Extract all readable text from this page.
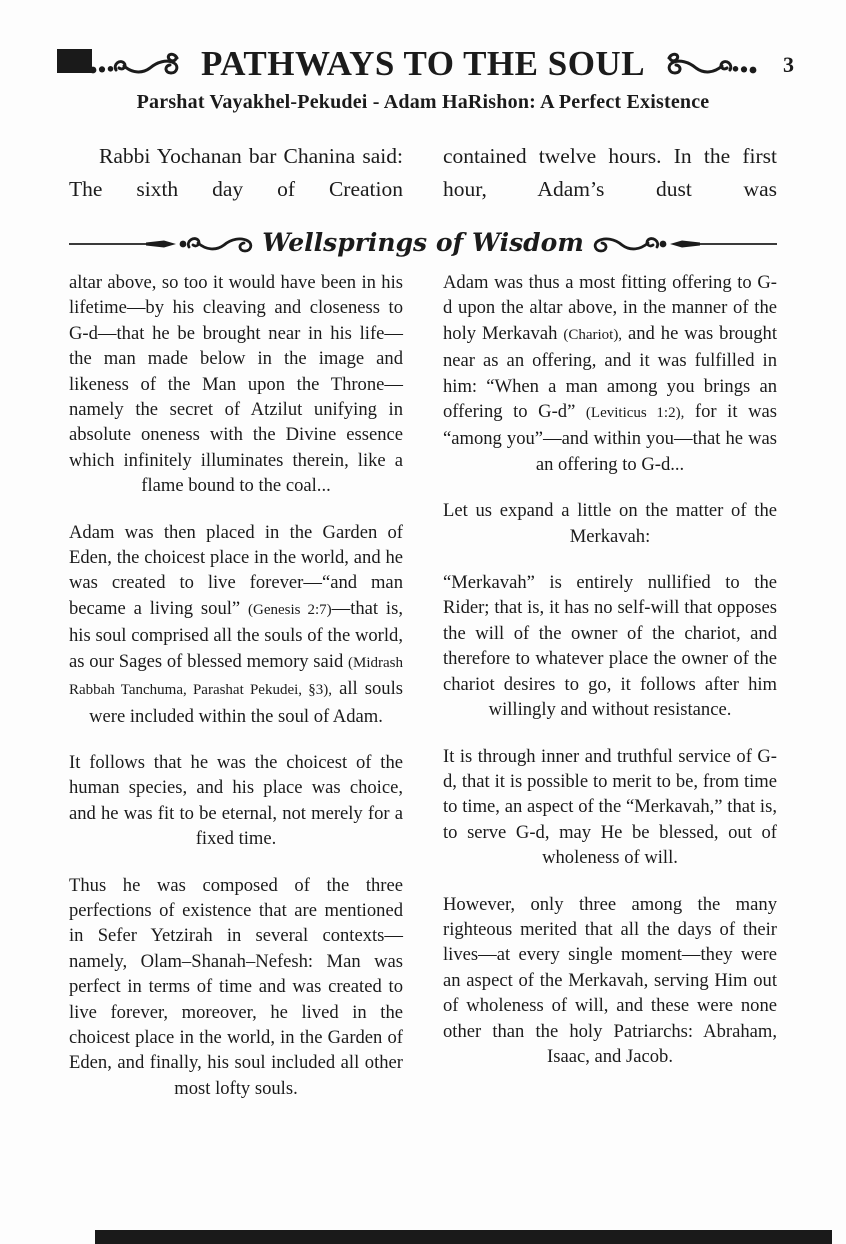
3
PATHWAYS TO THE SOUL
Parshat Vayakhel-Pekudei - Adam HaRishon: A Perfect Existence

Rabbi Yochanan bar Chanina said: The sixth day of Creation

contained twelve hours. In the first hour, Adam’s dust was

Wellsprings of Wisdom

altar above, so too it would have been in his lifetime—by his cleaving and closeness to G-d—that he be brought near in his life—the man made below in the image and likeness of the Man upon the Throne—namely the secret of Atzilut unifying in absolute oneness with the Divine essence which infinitely illuminates therein, like a flame bound to the coal...

Adam was then placed in the Garden of Eden, the choicest place in the world, and he was created to live forever—“and man became a living soul” (Genesis 2:7)—that is, his soul comprised all the souls of the world, as our Sages of blessed memory said (Midrash Rabbah Tanchuma, Parashat Pekudei, §3), all souls were included within the soul of Adam.

It follows that he was the choicest of the human species, and his place was choice, and he was fit to be eternal, not merely for a fixed time.

Thus he was composed of the three perfections of existence that are mentioned in Sefer Yetzirah in several contexts—namely, Olam–Shanah–Nefesh: Man was perfect in terms of time and was created to live forever, moreover, he lived in the choicest place in the world, in the Garden of Eden, and finally, his soul included all other most lofty souls.

Adam was thus a most fitting offering to G-d upon the altar above, in the manner of the holy Merkavah (Chariot), and he was brought near as an offering, and it was fulfilled in him: “When a man among you brings an offering to G-d” (Leviticus 1:2), for it was “among you”—and within you—that he was an offering to G-d...

Let us expand a little on the matter of the Merkavah:

“Merkavah” is entirely nullified to the Rider; that is, it has no self-will that opposes the will of the owner of the chariot, and therefore to whatever place the owner of the chariot desires to go, it follows after him willingly and without resistance.

It is through inner and truthful service of G-d, that it is possible to merit to be, from time to time, an aspect of the “Merkavah,” that is, to serve G-d, may He be blessed, out of wholeness of will.

However, only three among the many righteous merited that all the days of their lives—at every single moment—they were an aspect of the Merkavah, serving Him out of wholeness of will, and these were none other than the holy Patriarchs: Abraham, Isaac, and Jacob.
